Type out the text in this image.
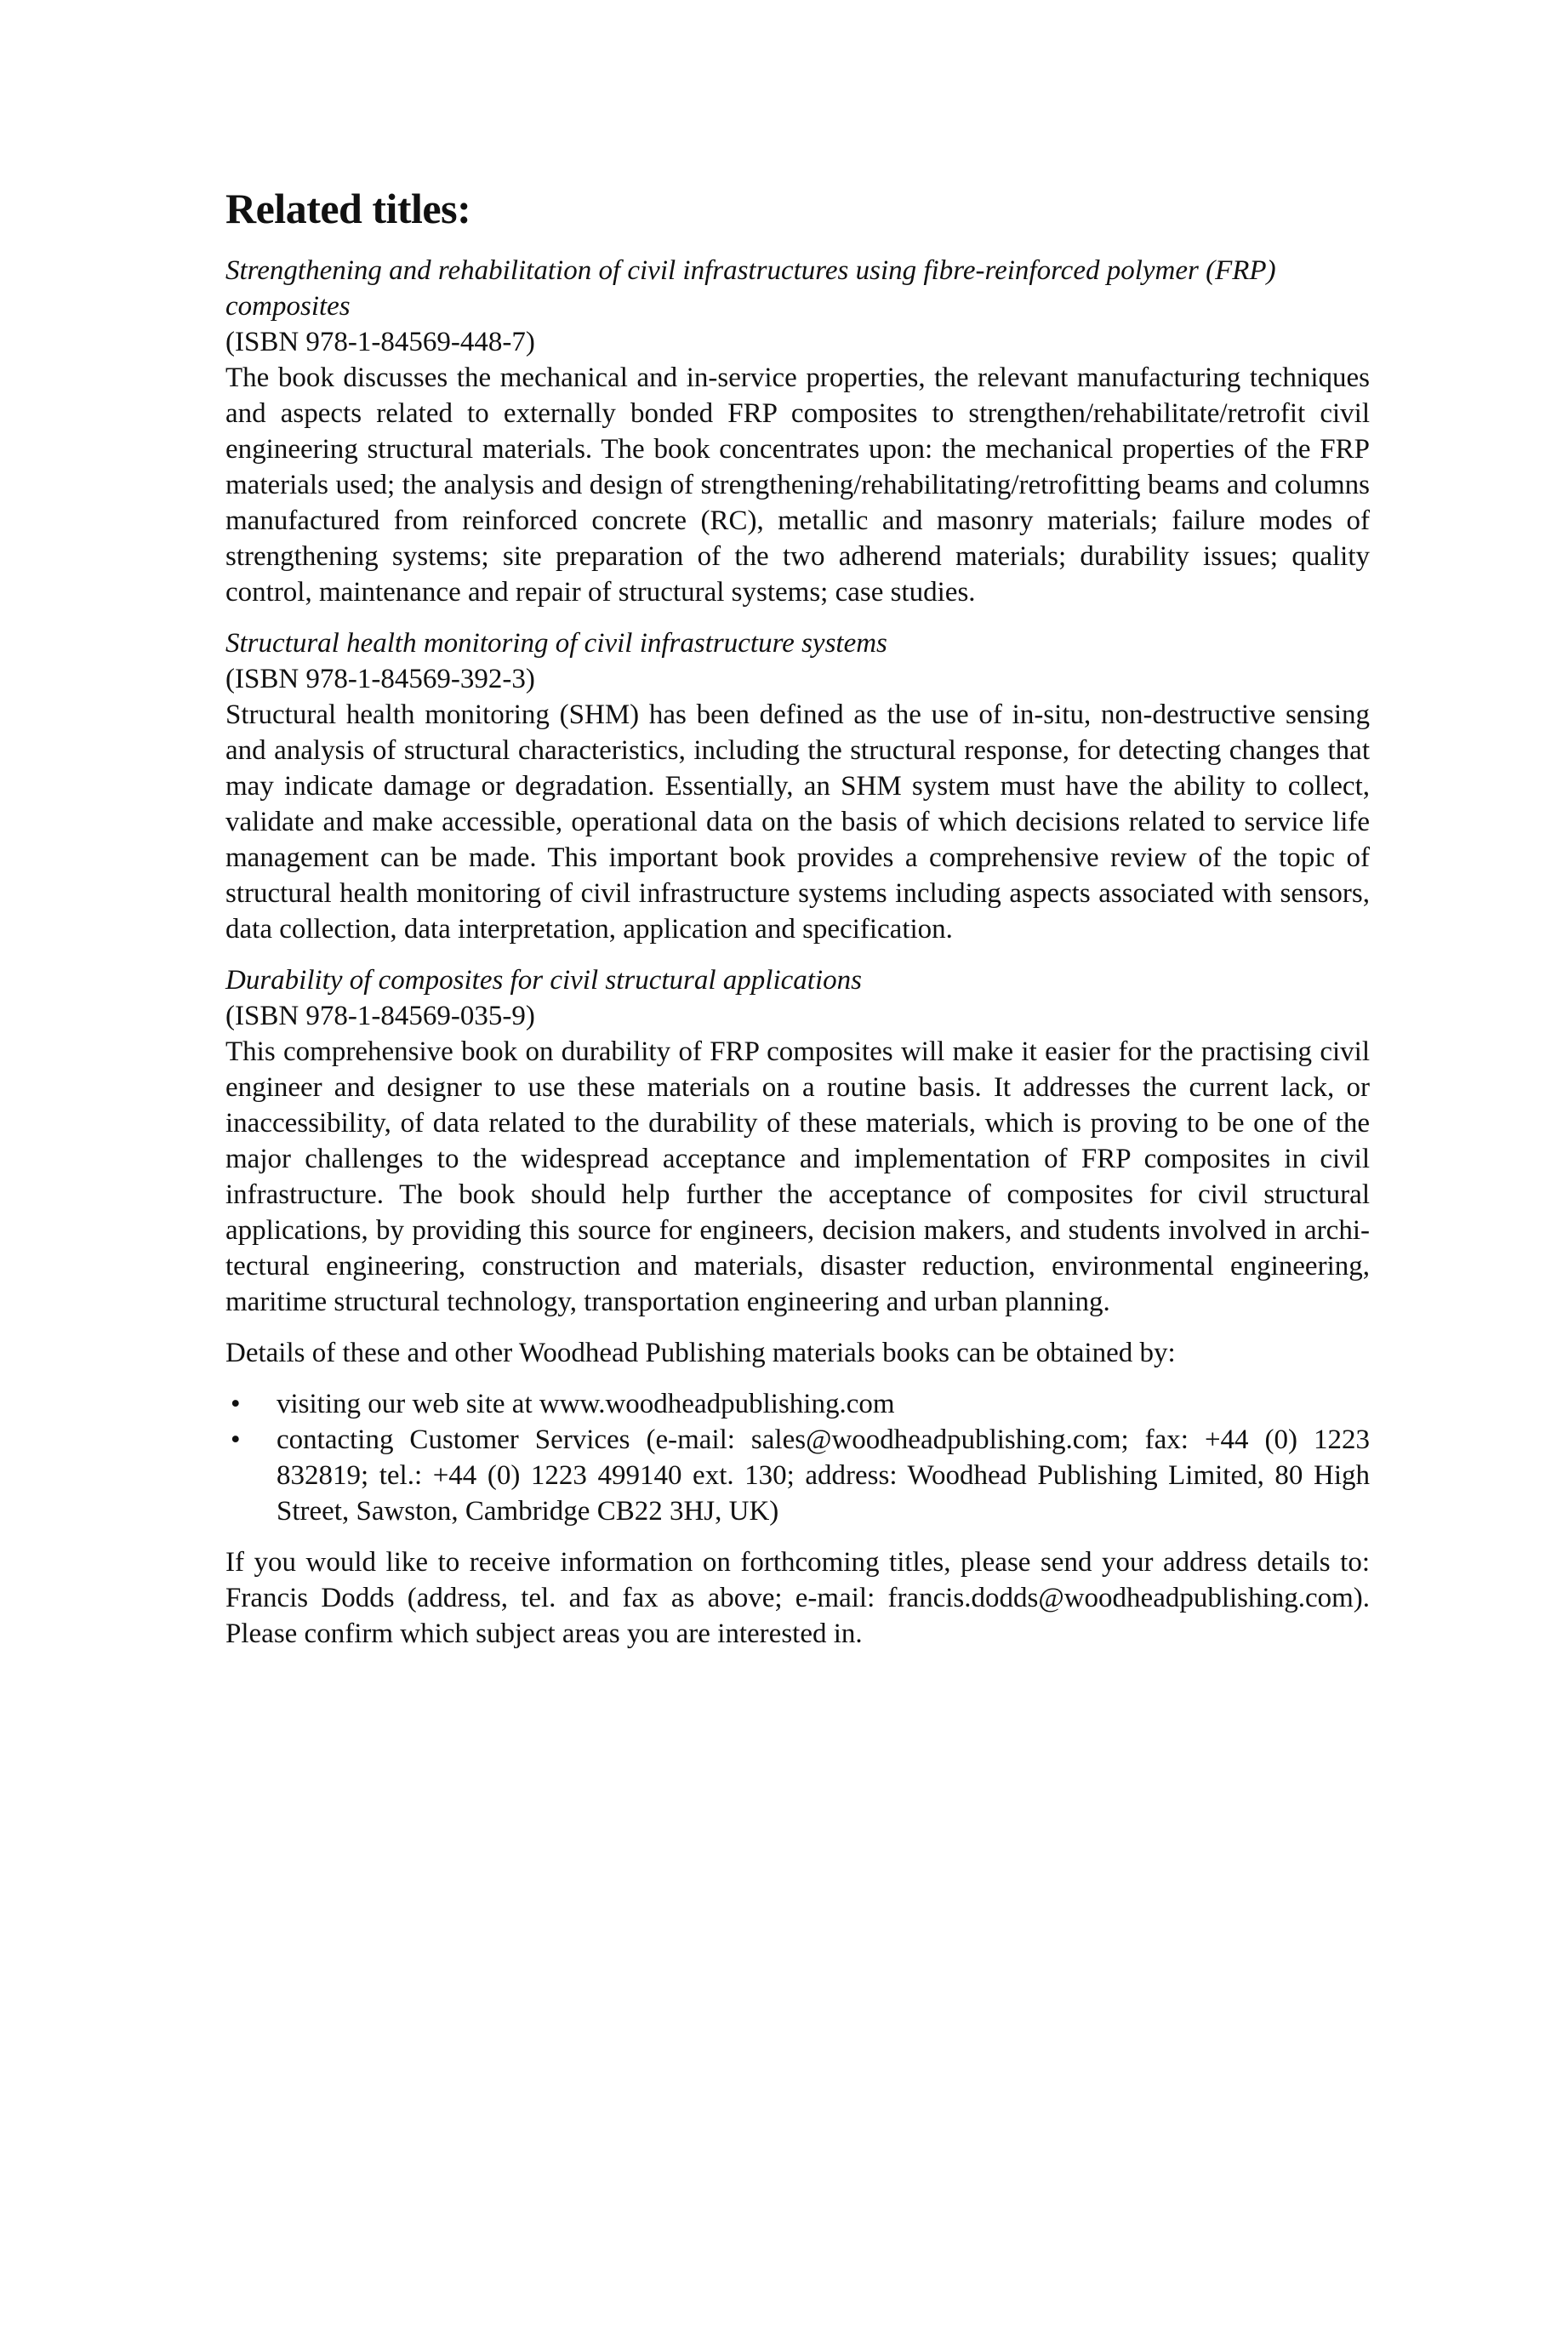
Related titles:

Strengthening and rehabilitation of civil infrastructures using fibre-reinforced polymer (FRP) composites

(ISBN 978-1-84569-448-7)

The book discusses the mechanical and in-service properties, the relevant manufacturing techniques and aspects related to externally bonded FRP composites to strengthen/rehabilitate/retrofit civil engineering structural materials. The book concentrates upon: the mechanical properties of the FRP materials used; the analysis and design of strengthening/rehabilitating/retrofitting beams and columns manufactured from reinforced concrete (RC), metallic and masonry materials; failure modes of strengthening systems; site preparation of the two adherend materials; durability issues; quality control, maintenance and repair of structural systems; case studies.

Structural health monitoring of civil infrastructure systems

(ISBN 978-1-84569-392-3)

Structural health monitoring (SHM) has been defined as the use of in-situ, non-destructive sensing and analysis of structural characteristics, including the structural response, for detecting changes that may indicate damage or degradation. Essentially, an SHM system must have the ability to collect, validate and make accessible, operational data on the basis of which decisions related to service life management can be made. This important book provides a comprehensive review of the topic of structural health monitoring of civil infrastructure systems including aspects associated with sensors, data collection, data interpretation, application and specification.

Durability of composites for civil structural applications

(ISBN 978-1-84569-035-9)

This comprehensive book on durability of FRP composites will make it easier for the practising civil engineer and designer to use these materials on a routine basis. It addresses the current lack, or inaccessibility, of data related to the durability of these materials, which is proving to be one of the major challenges to the widespread acceptance and implementation of FRP composites in civil infrastructure. The book should help further the acceptance of composites for civil structural applications, by providing this source for engineers, decision makers, and students involved in architectural engineering, construction and materials, disaster reduction, environmental engineering, maritime structural technology, transportation engineering and urban planning.

Details of these and other Woodhead Publishing materials books can be obtained by:

• visiting our web site at www.woodheadpublishing.com
• contacting Customer Services (e-mail: sales@woodheadpublishing.com; fax: +44 (0) 1223 832819; tel.: +44 (0) 1223 499140 ext. 130; address: Woodhead Publishing Limited, 80 High Street, Sawston, Cambridge CB22 3HJ, UK)

If you would like to receive information on forthcoming titles, please send your address details to: Francis Dodds (address, tel. and fax as above; e-mail: francis.dodds@woodheadpublishing.com). Please confirm which subject areas you are interested in.
